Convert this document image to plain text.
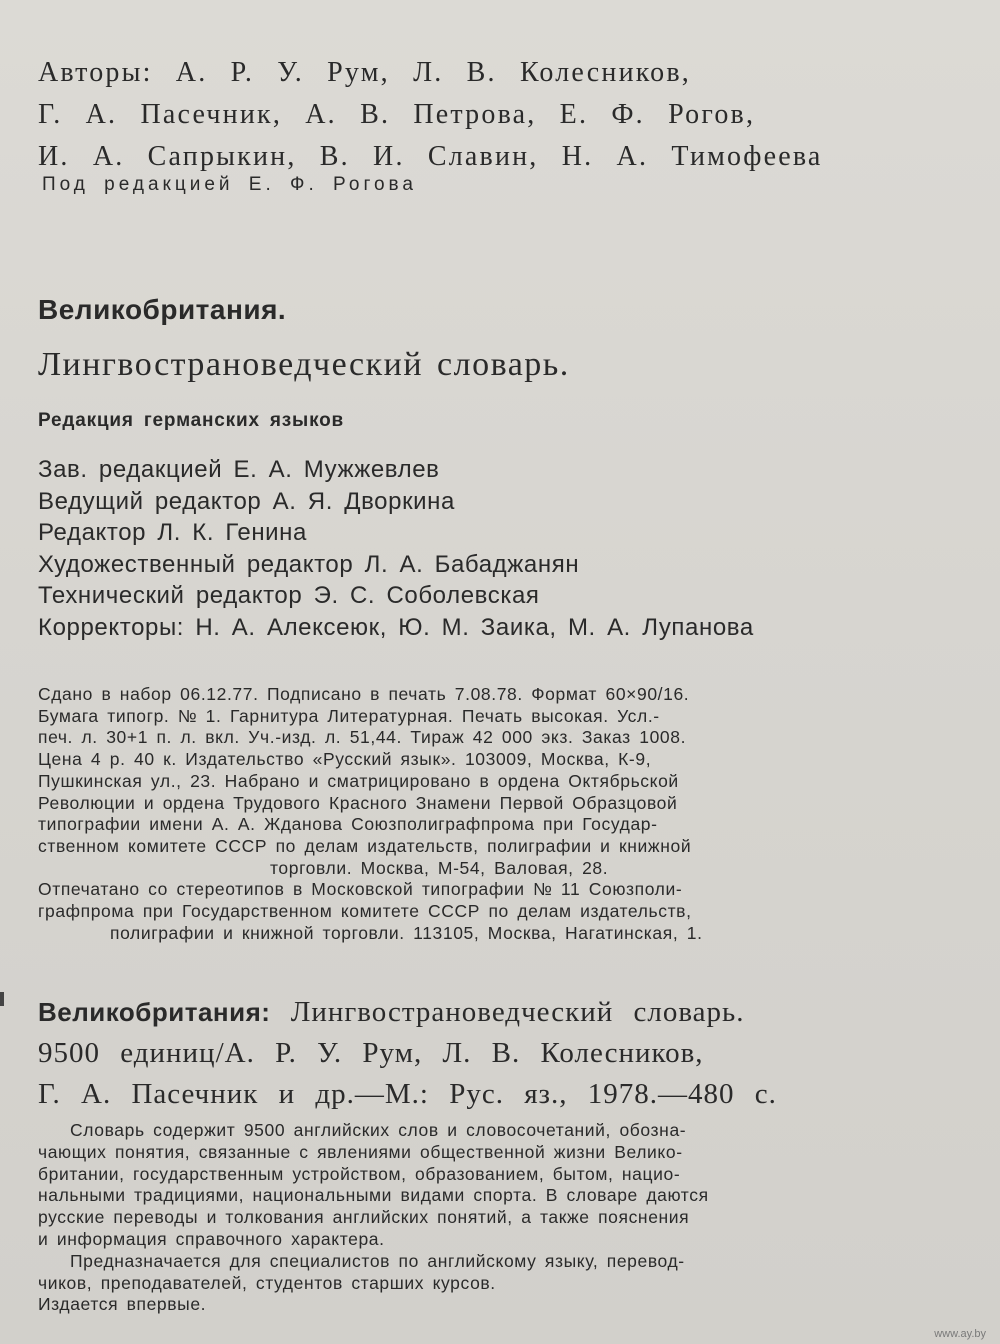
Авторы: А. Р. У. Рум, Л. В. Колесников,
Г. А. Пасечник, А. В. Петрова, Е. Ф. Рогов,
И. А. Сапрыкин, В. И. Славин, Н. А. Тимофеева
Под редакцией Е. Ф. Рогова
Великобритания.
Лингвострановедческий словарь.
Редакция германских языков
Зав. редакцией Е. А. Мужжевлев
Ведущий редактор А. Я. Дворкина
Редактор Л. К. Генина
Художественный редактор Л. А. Бабаджанян
Технический редактор Э. С. Соболевская
Корректоры: Н. А. Алексеюк, Ю. М. Заика, М. А. Лупанова
Сдано в набор 06.12.77. Подписано в печать 7.08.78. Формат 60×90/16.
Бумага типогр. № 1. Гарнитура Литературная. Печать высокая. Усл.-
печ. л. 30+1 п. л. вкл. Уч.-изд. л. 51,44. Тираж 42 000 экз. Заказ 1008.
Цена 4 р. 40 к. Издательство «Русский язык». 103009, Москва, К-9,
Пушкинская ул., 23. Набрано и сматрицировано в ордена Октябрьской
Революции и ордена Трудового Красного Знамени Первой Образцовой
типографии имени А. А. Жданова Союзполиграфпрома при Государ-
ственном комитете СССР по делам издательств, полиграфии и книжной
торговли. Москва, М-54, Валовая, 28.
Отпечатано со стереотипов в Московской типографии № 11 Союзполи-
графпрома при Государственном комитете СССР по делам издательств,
полиграфии и книжной торговли. 113105, Москва, Нагатинская, 1.
Великобритания: Лингвострановедческий словарь.
9500 единиц/А. Р. У. Рум, Л. В. Колесников,
Г. А. Пасечник и др.—М.: Рус. яз., 1978.—480 с.
Словарь содержит 9500 английских слов и словосочетаний, обозна-
чающих понятия, связанные с явлениями общественной жизни Велико-
британии, государственным устройством, образованием, бытом, нацио-
нальными традициями, национальными видами спорта. В словаре даются
русские переводы и толкования английских понятий, а также пояснения
и информация справочного характера.
Предназначается для специалистов по английскому языку, перевод-
чиков, преподавателей, студентов старших курсов.
Издается впервые.
www.ay.by
